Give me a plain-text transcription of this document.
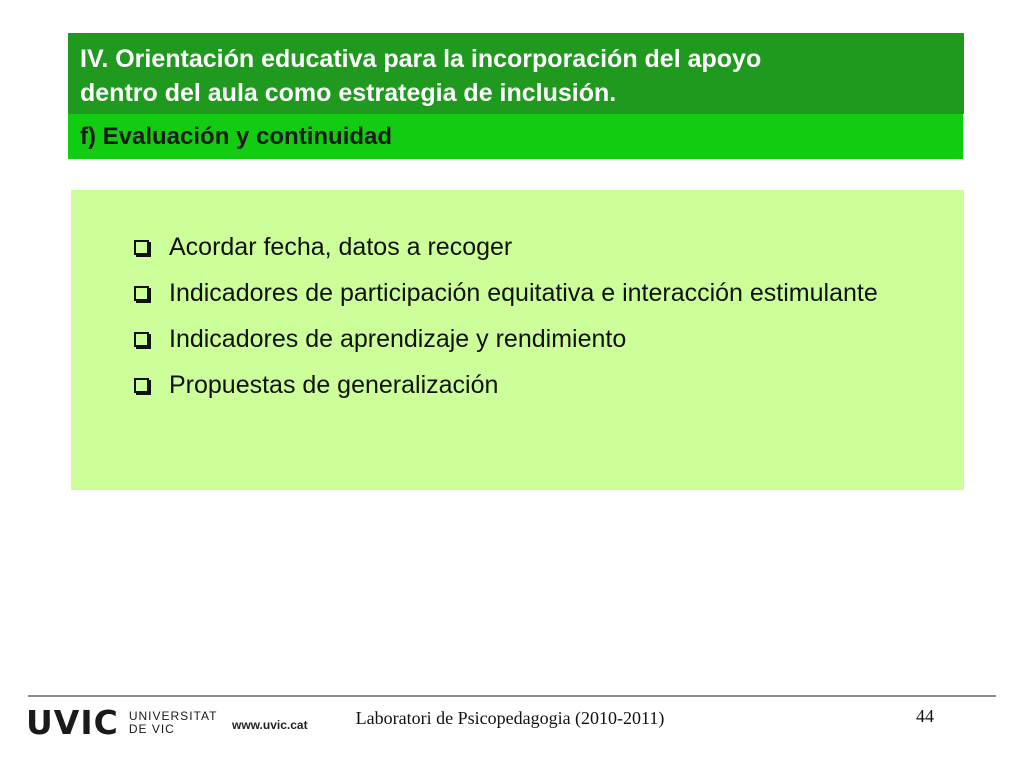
IV. Orientación educativa para la incorporación del apoyo
dentro del aula como estrategia de inclusión.

f) Evaluación y continuidad

Acordar fecha, datos a recoger
Indicadores de participación equitativa e interacción estimulante
Indicadores de aprendizaje y rendimiento
Propuestas de generalización
UVIC UNIVERSITAT
DE VIC	www.uvic.cat	Laboratori de Psicopedagogia (2010-2011)	44
